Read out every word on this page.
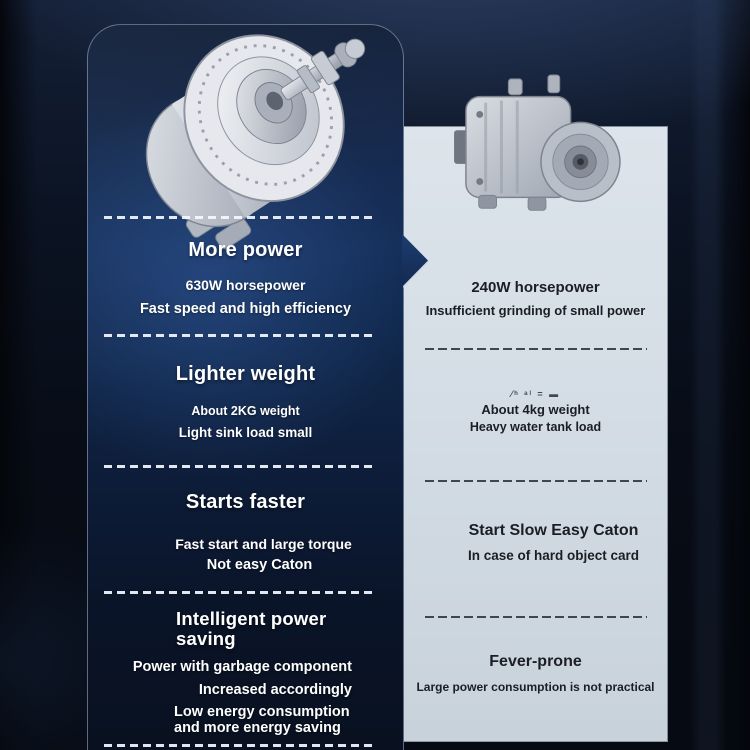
More power
630W horsepower
Fast speed and high efficiency
Lighter weight
About 2KG weight
Light sink load small
Starts faster
Fast start and large torque
Not easy Caton
Intelligent power saving
Power with garbage component
Increased accordingly
Low energy consumption and more energy saving
240W horsepower
Insufficient grinding of small power
⁄ʰ ᵃˡ = ▬
About 4kg weight
Heavy water tank load
Start Slow Easy Caton
In case of hard object card
Fever-prone
Large power consumption is not practical
